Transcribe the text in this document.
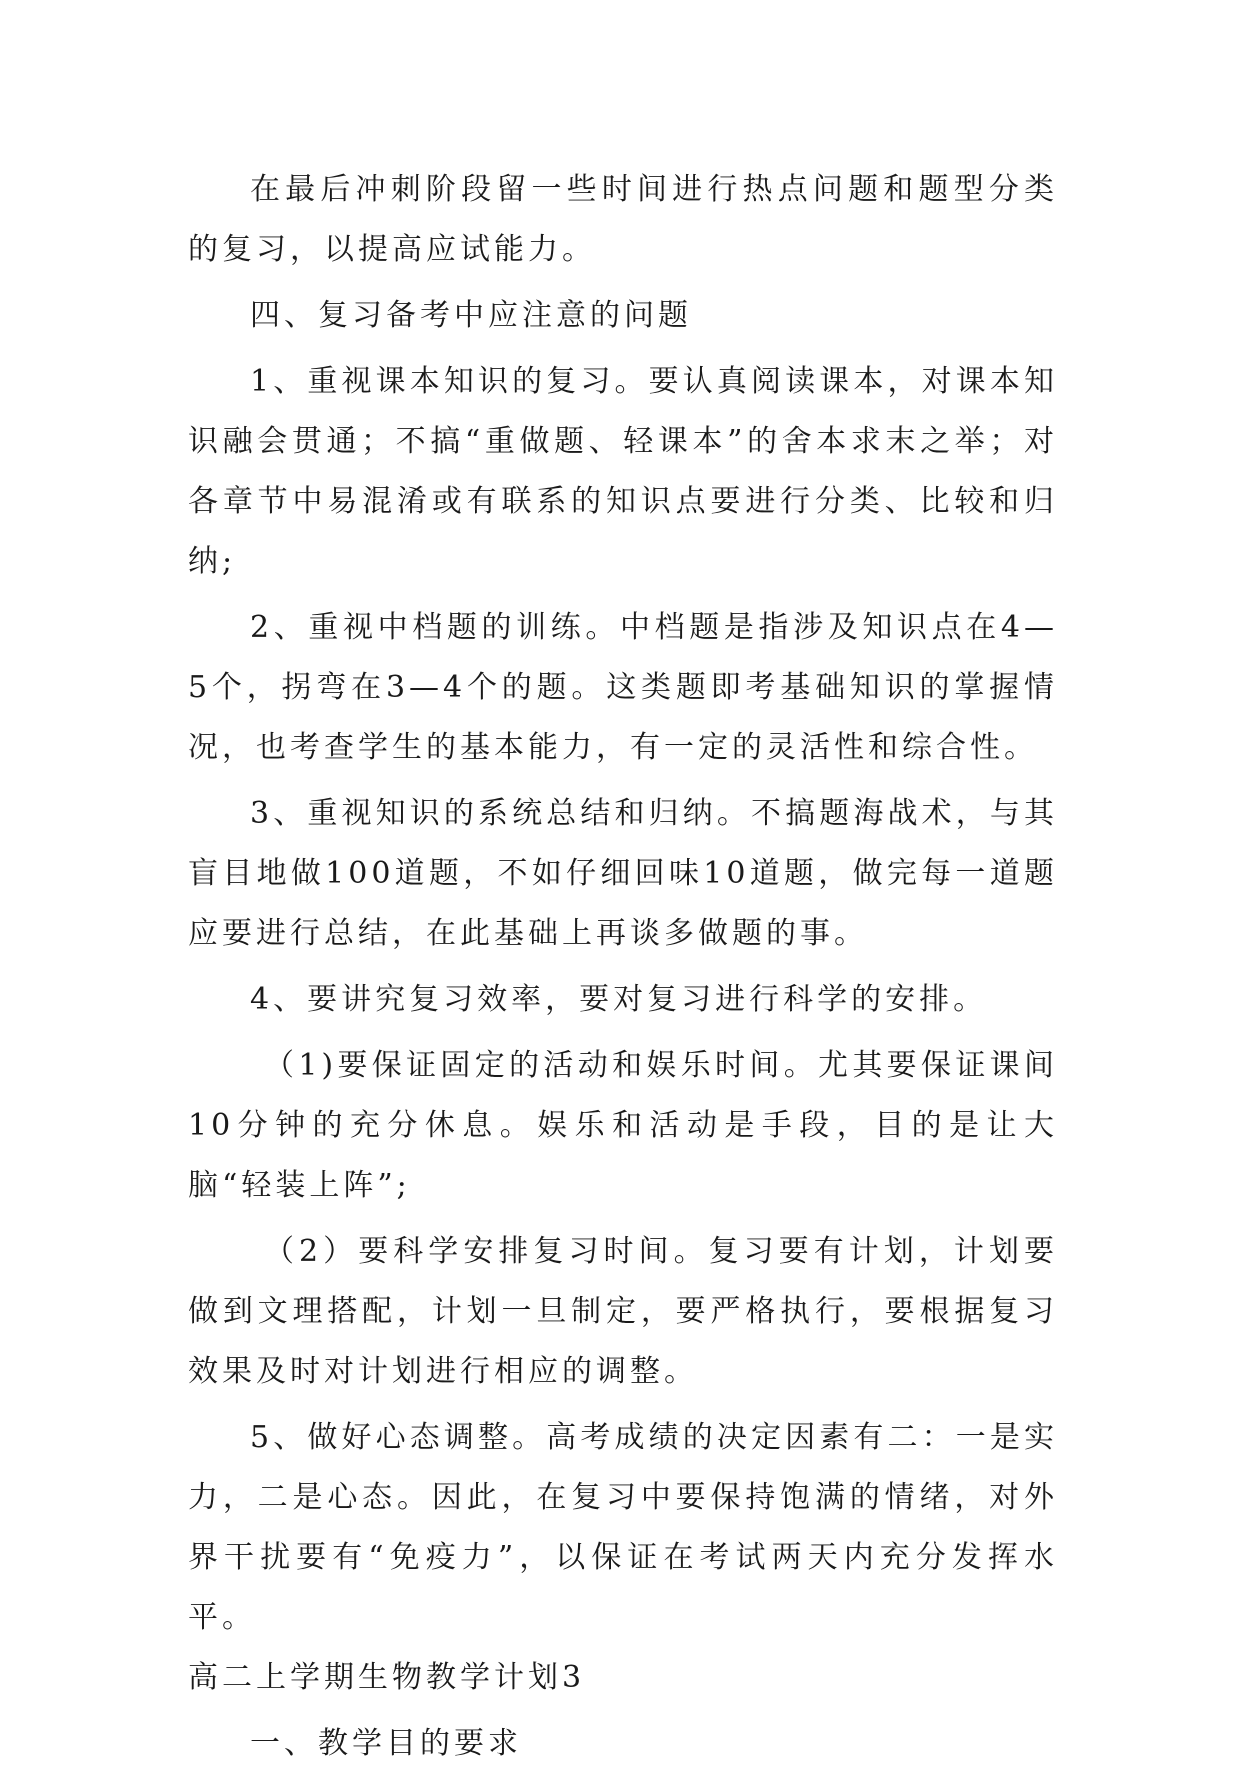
在最后冲刺阶段留一些时间进行热点问题和题型分类的复习，以提高应试能力。

四、复习备考中应注意的问题

1、重视课本知识的复习。要认真阅读课本，对课本知识融会贯通；不搞“重做题、轻课本”的舍本求末之举；对各章节中易混淆或有联系的知识点要进行分类、比较和归纳;

2、重视中档题的训练。中档题是指涉及知识点在4—5个，拐弯在3—4个的题。这类题即考基础知识的掌握情况，也考查学生的基本能力，有一定的灵活性和综合性。

3、重视知识的系统总结和归纳。不搞题海战术，与其盲目地做100道题，不如仔细回味10道题，做完每一道题应要进行总结，在此基础上再谈多做题的事。

4、要讲究复习效率，要对复习进行科学的安排。

（1)要保证固定的活动和娱乐时间。尤其要保证课间10分钟的充分休息。娱乐和活动是手段，目的是让大脑“轻装上阵”;

（2）要科学安排复习时间。复习要有计划，计划要做到文理搭配，计划一旦制定，要严格执行，要根据复习效果及时对计划进行相应的调整。

5、做好心态调整。高考成绩的决定因素有二：一是实力，二是心态。因此，在复习中要保持饱满的情绪，对外界干扰要有“免疫力”，以保证在考试两天内充分发挥水平。

高二上学期生物教学计划3

一、教学目的要求
